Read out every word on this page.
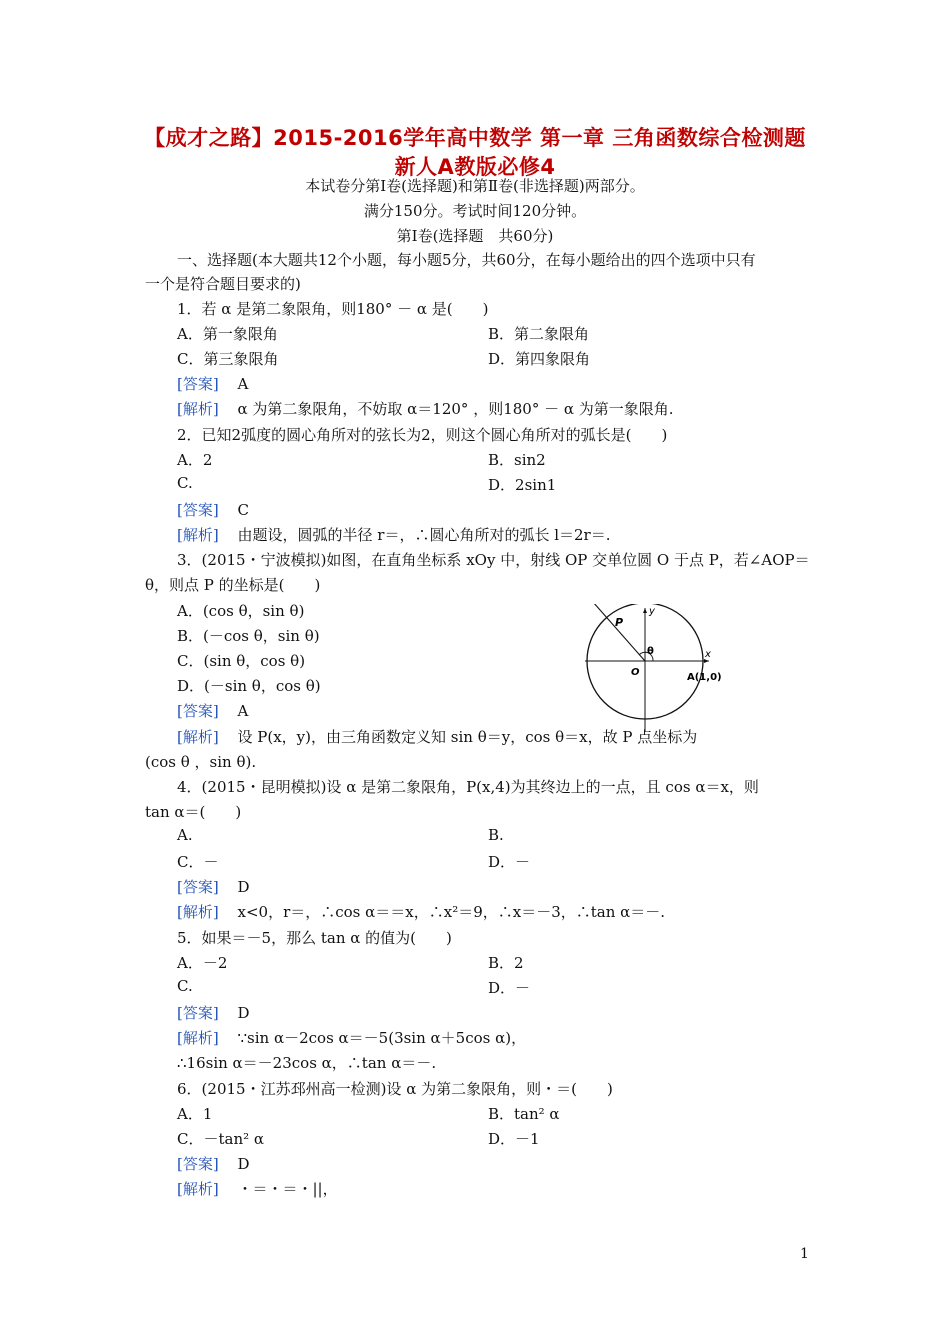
【成才之路】2015-2016学年高中数学 第一章 三角函数综合检测题
新人A教版必修4
本试卷分第Ⅰ卷(选择题)和第Ⅱ卷(非选择题)两部分。
满分150分。考试时间120分钟。
第Ⅰ卷(选择题　共60分)
一、选择题(本大题共12个小题，每小题5分，共60分，在每小题给出的四个选项中只有
一个是符合题目要求的)
1．若 α 是第二象限角，则180° － α 是(　　)
A．第一象限角	B．第二象限角
C．第三象限角	D．第四象限角
[答案] A
[解析] α 为第二象限角，不妨取 α＝120° ，则180° － α 为第一象限角.
2．已知2弧度的圆心角所对的弦长为2，则这个圆心角所对的弧长是(　　)
A．2	B．sin2
C.	D．2sin1
[答案] C
[解析] 由题设，圆弧的半径 r＝，∴圆心角所对的弧长 l＝2r＝.
3．(2015・宁波模拟)如图，在直角坐标系 xOy 中，射线 OP 交单位圆 O 于点 P，若∠AOP＝
θ，则点 P 的坐标是(　　)
A．(cos θ，sin θ)
B．(－cos θ，sin θ)
C．(sin θ，cos θ)
D．(－sin θ，cos θ)
P
y
x
θ
O	A(1,0)
[答案] A
[解析] 设 P(x，y)，由三角函数定义知 sin θ＝y，cos θ＝x，故 P 点坐标为
(cos θ ，sin θ).
4．(2015・昆明模拟)设 α 是第二象限角，P(x,4)为其终边上的一点，且 cos α＝x，则
tan α＝(　　)
A.	B.
C．－	D．－
[答案] D
[解析] x<0，r＝，∴cos α＝＝x，∴x²＝9，∴x＝－3，∴tan α＝－.
5．如果＝－5，那么 tan α 的值为(　　)
A．－2	B．2
C.	D．－
[答案] D
[解析] ∵sin α－2cos α＝－5(3sin α＋5cos α)，
∴16sin α＝－23cos α，∴tan α＝－.
6．(2015・江苏邳州高一检测)设 α 为第二象限角，则・＝(　　)
A．1	B．tan² α
C．－tan² α	D．－1
[答案] D
[解析] ・＝・＝・||，
1
